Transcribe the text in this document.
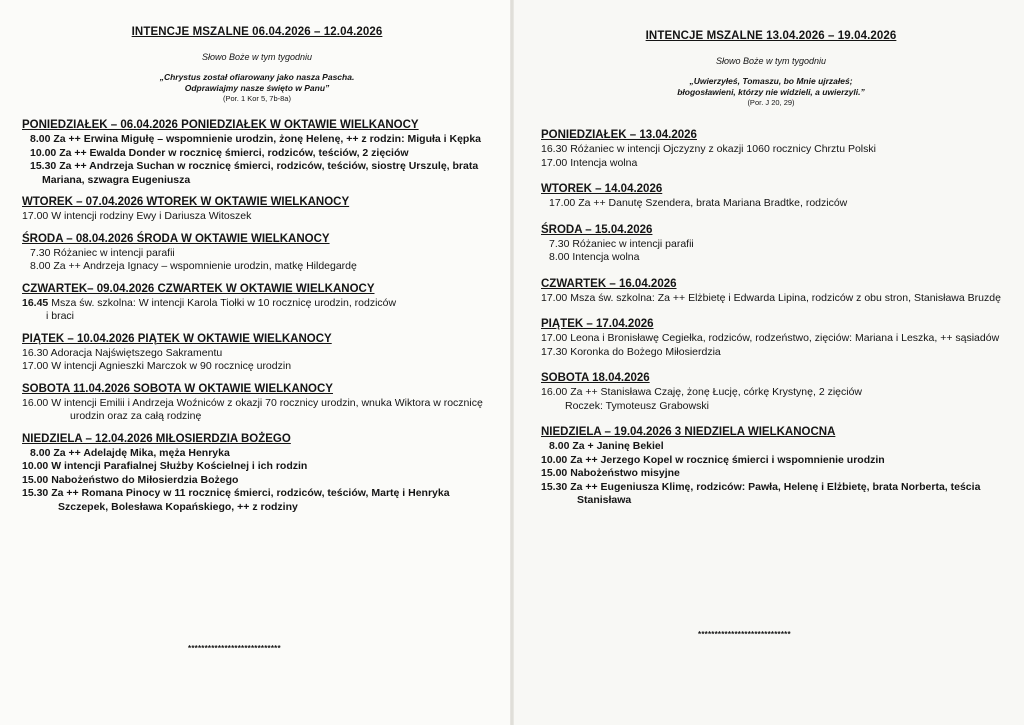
INTENCJE MSZALNE 06.04.2026 – 12.04.2026
Słowo Boże w tym tygodniu
„Chrystus został ofiarowany jako nasza Pascha.
Odprawiajmy nasze święto w Panu”
(Por. 1 Kor 5, 7b-8a)
PONIEDZIAŁEK – 06.04.2026 PONIEDZIAŁEK W OKTAWIE WIELKANOCY
8.00 Za ++ Erwina Migułę – wspomnienie urodzin, żonę Helenę, ++ z rodzin: Miguła i Kępka
10.00 Za ++ Ewalda Donder w rocznicę śmierci, rodziców, teściów, 2 zięciów
15.30 Za ++ Andrzeja Suchan w rocznicę śmierci, rodziców, teściów, siostrę Urszulę, brata Mariana, szwagra Eugeniusza
WTOREK – 07.04.2026 WTOREK W OKTAWIE WIELKANOCY
17.00 W intencji rodziny Ewy i Dariusza Witoszek
ŚRODA – 08.04.2026 ŚRODA W OKTAWIE WIELKANOCY
7.30 Różaniec w intencji parafii
8.00 Za ++ Andrzeja Ignacy – wspomnienie urodzin, matkę Hildegardę
CZWARTEK– 09.04.2026 CZWARTEK W OKTAWIE WIELKANOCY
16.45 Msza św. szkolna: W intencji Karola Tiołki w 10 rocznicę urodzin, rodziców
i braci
PIĄTEK – 10.04.2026 PIĄTEK W OKTAWIE WIELKANOCY
16.30 Adoracja Najświętszego Sakramentu
17.00 W intencji Agnieszki Marczok w 90 rocznicę urodzin
SOBOTA 11.04.2026 SOBOTA W OKTAWIE WIELKANOCY
16.00 W intencji Emilii i Andrzeja Woźniców z okazji 70 rocznicy urodzin, wnuka Wiktora w rocznicę urodzin oraz za całą rodzinę
NIEDZIELA – 12.04.2026 MIŁOSIERDZIA BOŻEGO
8.00 Za ++ Adelajdę Mika, męża Henryka
10.00 W intencji Parafialnej Służby Kościelnej i ich rodzin
15.00 Nabożeństwo do Miłosierdzia Bożego
15.30 Za ++ Romana Pinocy w 11 rocznicę śmierci, rodziców, teściów, Martę i Henryka Szczepek, Bolesława Kopańskiego, ++ z rodziny
****************************
INTENCJE MSZALNE 13.04.2026 – 19.04.2026
Słowo Boże w tym tygodniu
„Uwierzyłeś, Tomaszu, bo Mnie ujrzałeś;
błogosławieni, którzy nie widzieli, a uwierzyli.”
(Por. J 20, 29)
PONIEDZIAŁEK – 13.04.2026
16.30 Różaniec w intencji Ojczyzny z okazji 1060 rocznicy Chrztu Polski
17.00 Intencja wolna
WTOREK – 14.04.2026
17.00 Za ++ Danutę Szendera, brata Mariana Bradtke, rodziców
ŚRODA – 15.04.2026
7.30 Różaniec w intencji parafii
8.00 Intencja wolna
CZWARTEK – 16.04.2026
17.00 Msza św. szkolna: Za ++ Elżbietę i Edwarda Lipina, rodziców z obu stron, Stanisława Bruzdę
PIĄTEK – 17.04.2026
17.00 Leona i Bronisławę Cegiełka, rodziców, rodzeństwo, zięciów: Mariana i Leszka, ++ sąsiadów
17.30 Koronka do Bożego Miłosierdzia
SOBOTA 18.04.2026
16.00 Za ++ Stanisława Czaję, żonę Łucję, córkę Krystynę, 2 zięciów
Roczek: Tymoteusz Grabowski
NIEDZIELA – 19.04.2026 3 NIEDZIELA WIELKANOCNA
8.00 Za + Janinę Bekiel
10.00 Za ++ Jerzego Kopel w rocznicę śmierci i wspomnienie urodzin
15.00 Nabożeństwo misyjne
15.30 Za ++ Eugeniusza Klimę, rodziców: Pawła, Helenę i Elżbietę, brata Norberta, teścia Stanisława
****************************
